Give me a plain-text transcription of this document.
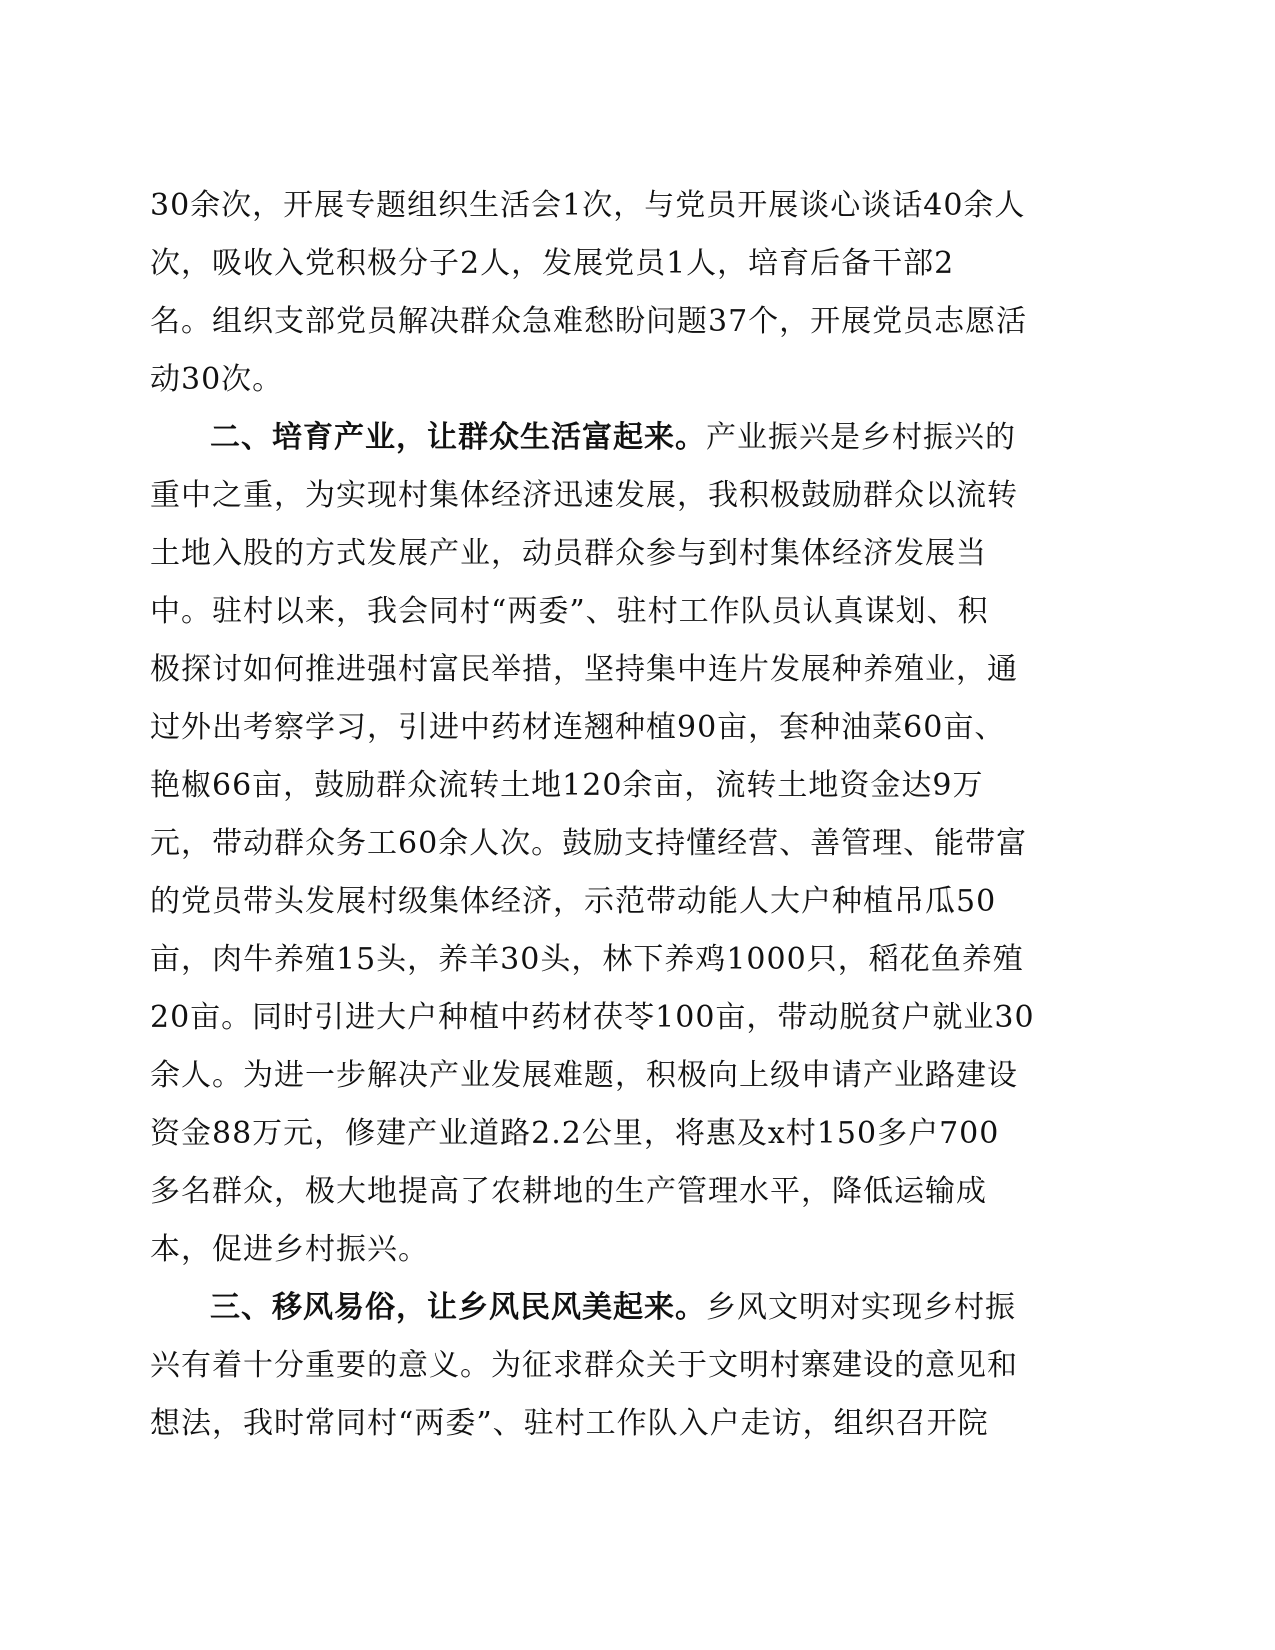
30余次，开展专题组织生活会1次，与党员开展谈心谈话40余人
次，吸收入党积极分子2人，发展党员1人，培育后备干部2
名。组织支部党员解决群众急难愁盼问题37个，开展党员志愿活
动30次。
二、培育产业，让群众生活富起来。产业振兴是乡村振兴的
重中之重，为实现村集体经济迅速发展，我积极鼓励群众以流转
土地入股的方式发展产业，动员群众参与到村集体经济发展当
中。驻村以来，我会同村“两委”、驻村工作队员认真谋划、积
极探讨如何推进强村富民举措，坚持集中连片发展种养殖业，通
过外出考察学习，引进中药材连翘种植90亩，套种油菜60亩、
艳椒66亩，鼓励群众流转土地120余亩，流转土地资金达9万
元，带动群众务工60余人次。鼓励支持懂经营、善管理、能带富
的党员带头发展村级集体经济，示范带动能人大户种植吊瓜50
亩，肉牛养殖15头，养羊30头，林下养鸡1000只，稻花鱼养殖
20亩。同时引进大户种植中药材茯苓100亩，带动脱贫户就业30
余人。为进一步解决产业发展难题，积极向上级申请产业路建设
资金88万元，修建产业道路2.2公里，将惠及x村150多户700
多名群众，极大地提高了农耕地的生产管理水平，降低运输成
本，促进乡村振兴。
三、移风易俗，让乡风民风美起来。乡风文明对实现乡村振
兴有着十分重要的意义。为征求群众关于文明村寨建设的意见和
想法，我时常同村“两委”、驻村工作队入户走访，组织召开院
